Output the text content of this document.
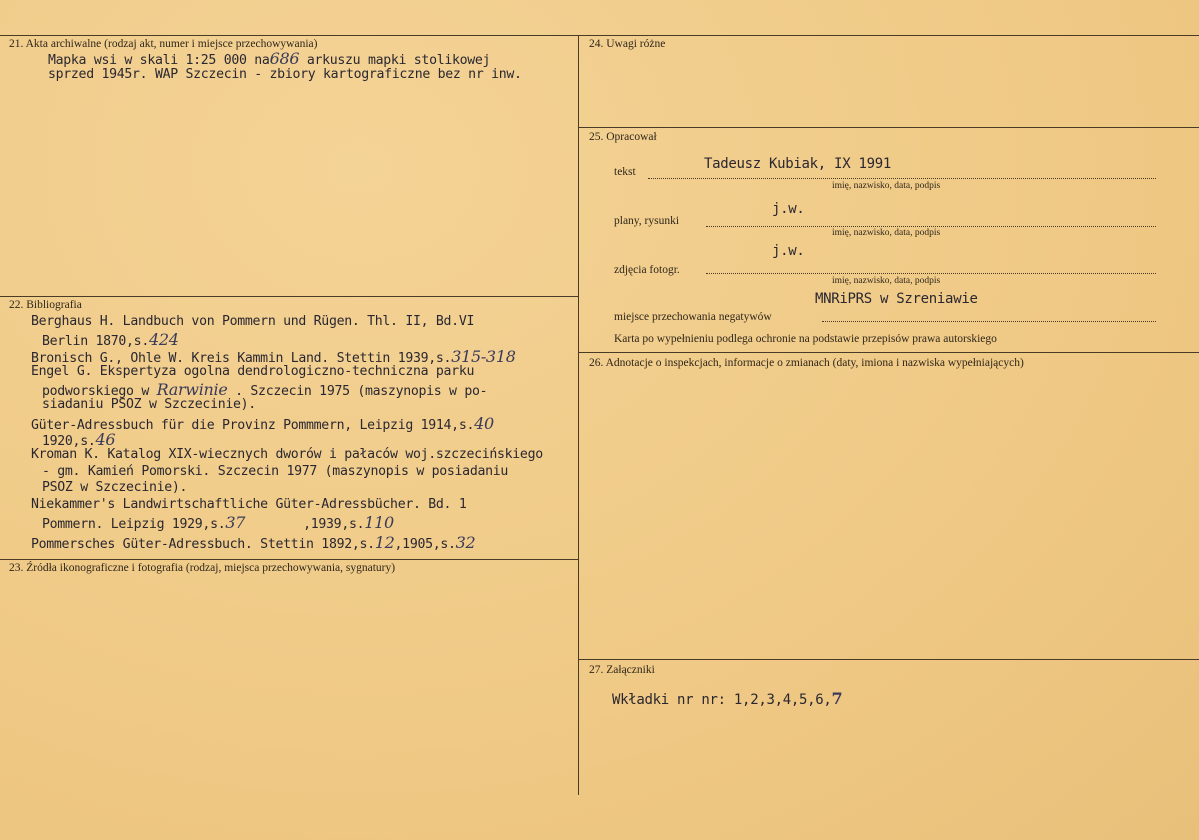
21. Akta archiwalne (rodzaj akt, numer i miejsce przechowywania)
Mapka wsi w skali 1:25 000 na686 arkuszu mapki stolikowej
sprzed 1945r. WAP Szczecin - zbiory kartograficzne bez nr inw.
22. Bibliografia
Berghaus H. Landbuch von Pommern und Rügen. Thl. II, Bd.VI
Berlin 1870,s.424
Bronisch G., Ohle W. Kreis Kammin Land. Stettin 1939,s.315-318
Engel G. Ekspertyza ogolna dendrologiczno-techniczna parku
podworskiego w Rarwinie . Szczecin 1975 (maszynopis w po-
siadaniu PSOZ w Szczecinie).
Güter-Adressbuch für die Provinz Pommmern, Leipzig 1914,s.40
1920,s.46
Kroman K. Katalog XIX-wiecznych dworów i pałaców woj.szczecińskiego
- gm. Kamień Pomorski. Szczecin 1977 (maszynopis w posiadaniu
PSOZ w Szczecinie).
Niekammer's Landwirtschaftliche Güter-Adressbücher. Bd. 1
Pommern. Leipzig 1929,s.37	,1939,s.110
Pommersches Güter-Adressbuch. Stettin 1892,s.12,1905,s.32
23. Źródła ikonograficzne i fotografia (rodzaj, miejsca przechowywania, sygnatury)
24. Uwagi różne
25. Opracował
tekst	Tadeusz Kubiak, IX 1991
imię, nazwisko, data, podpis
plany, rysunki
j.w.
imię, nazwisko, data, podpis
zdjęcia fotogr.
j.w.
imię, nazwisko, data, podpis
miejsce przechowania negatywów
MNRiPRS w Szreniawie
Karta po wypełnieniu podlega ochronie na podstawie przepisów prawa autorskiego
26. Adnotacje o inspekcjach, informacje o zmianach (daty, imiona i nazwiska wypełniających)
27. Załączniki
Wkładki nr nr: 1,2,3,4,5,6,7
